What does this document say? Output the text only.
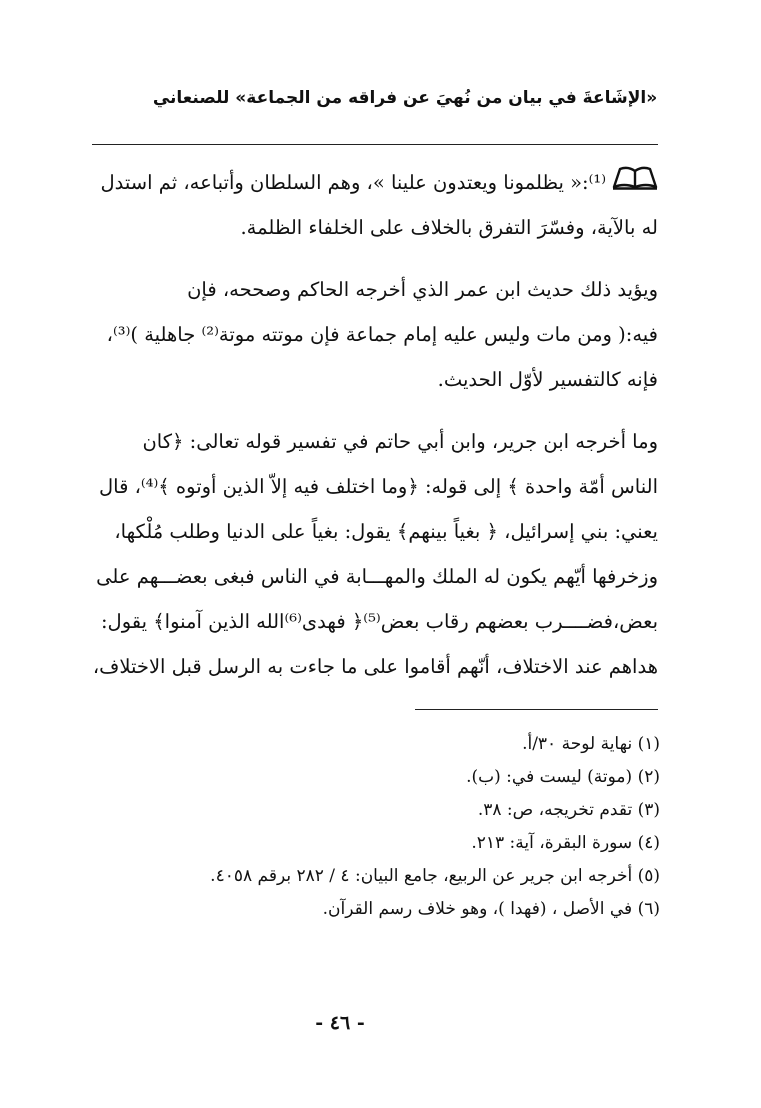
«الإشَاعةَ في بيان من نُهيَ عن فراقه من الجماعة» للصنعاني
⁽¹⁾:« يظلمونا ويعتدون علينا »، وهم السلطان وأتباعه، ثم استدل
له بالآية، وفسّرَ التفرق بالخلاف على الخلفاء الظلمة.
ويؤيد ذلك حديث ابن عمر الذي أخرجه الحاكم وصححه، فإن
فيه:( ومن مات وليس عليه إمام جماعة فإن موتته موتة⁽²⁾ جاهلية )⁽³⁾،
فإنه كالتفسير لأوّل الحديث.
وما أخرجه ابن جرير، وابن أبي حاتم في تفسير قوله تعالى: ﴿كان
الناس أمّة واحدة ﴾ إلى قوله: ﴿وما اختلف فيه إلاّ الذين أوتوه ﴾⁽⁴⁾، قال
يعني: بني إسرائيل، ﴿ بغياً بينهم﴾ يقول: بغياً على الدنيا وطلب مُلْكها،
وزخرفها أيّهم يكون له الملك والمهـــابة في الناس فبغى بعضـــهم على
بعض،فضــــرب بعضهم رقاب بعض⁽⁵⁾﴿ فهدى⁽⁶⁾الله الذين آمنوا﴾ يقول:
هداهم عند الاختلاف، أنّهم أقاموا على ما جاءت به الرسل قبل الاختلاف،
(١) نهاية لوحة ٣٠/أ.
(٢) (موتة) ليست في: (ب).
(٣) تقدم تخريجه، ص: ٣٨.
(٤) سورة البقرة، آية: ٢١٣.
(٥) أخرجه ابن جرير عن الربيع، جامع البيان: ٤ / ٢٨٢ برقم ٤٠٥٨.
(٦) في الأصل ، (فهدا )، وهو خلاف رسم القرآن.
- ٤٦ -
